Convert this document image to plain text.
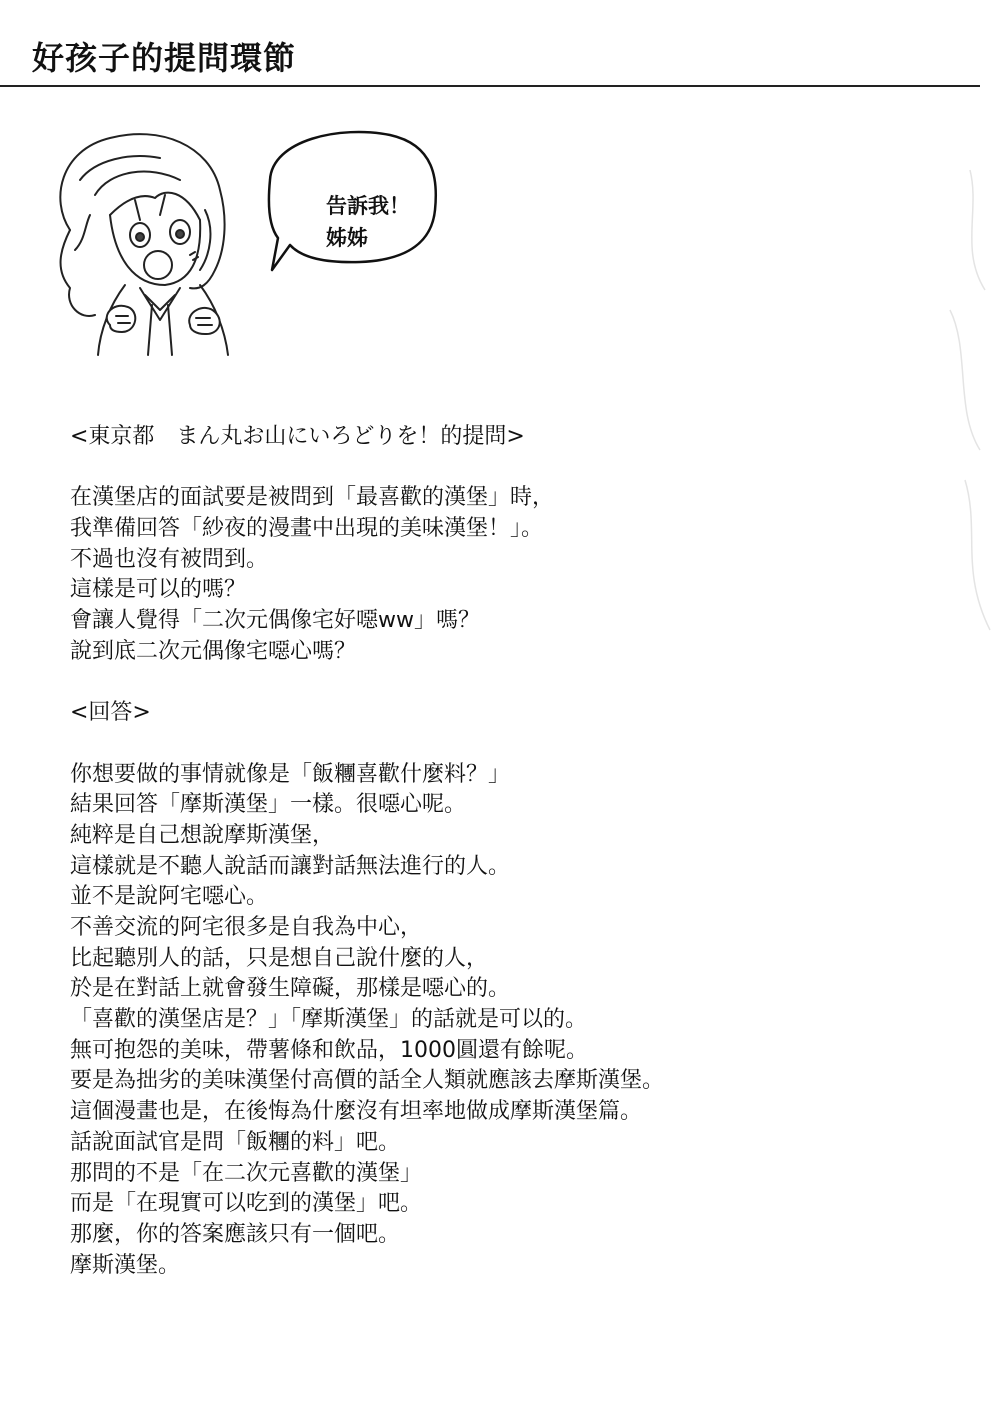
好孩子的提問環節
告訴我！
姊姊
<東京都　まん丸お山にいろどりを！的提問>
在漢堡店的面試要是被問到「最喜歡的漢堡」時，
我準備回答「紗夜的漫畫中出現的美味漢堡！」。
不過也沒有被問到。
這樣是可以的嗎？
會讓人覺得「二次元偶像宅好噁ww」嗎？
說到底二次元偶像宅噁心嗎？
<回答>
你想要做的事情就像是「飯糰喜歡什麼料？」
結果回答「摩斯漢堡」一樣。很噁心呢。
純粹是自己想說摩斯漢堡，
這樣就是不聽人說話而讓對話無法進行的人。
並不是說阿宅噁心。
不善交流的阿宅很多是自我為中心，
比起聽別人的話，只是想自己說什麼的人，
於是在對話上就會發生障礙，那樣是噁心的。
「喜歡的漢堡店是？」「摩斯漢堡」的話就是可以的。
無可抱怨的美味，帶薯條和飲品，1000圓還有餘呢。
要是為拙劣的美味漢堡付高價的話全人類就應該去摩斯漢堡。
這個漫畫也是，在後悔為什麼沒有坦率地做成摩斯漢堡篇。
話說面試官是問「飯糰的料」吧。
那問的不是「在二次元喜歡的漢堡」
而是「在現實可以吃到的漢堡」吧。
那麼，你的答案應該只有一個吧。
摩斯漢堡。
